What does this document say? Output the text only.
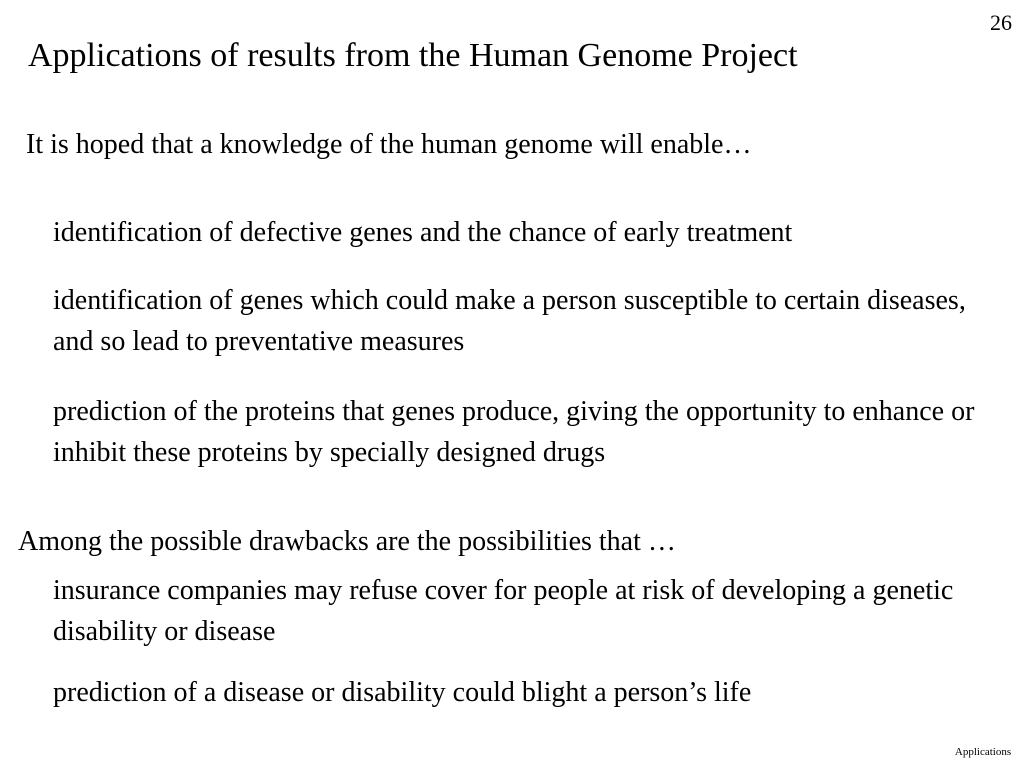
26
Applications of results from the Human Genome Project

It is hoped that a knowledge of the human genome will enable…

identification of defective genes and the chance of early treatment

identification of genes which could make a person susceptible to certain diseases, and so lead to preventative measures

prediction of the proteins that genes produce, giving the opportunity to enhance or inhibit these proteins by specially designed drugs

Among the possible drawbacks are the possibilities that …

insurance companies may refuse cover for people at risk of developing a genetic disability or disease

prediction of a disease or disability could blight a person’s life

Applications
